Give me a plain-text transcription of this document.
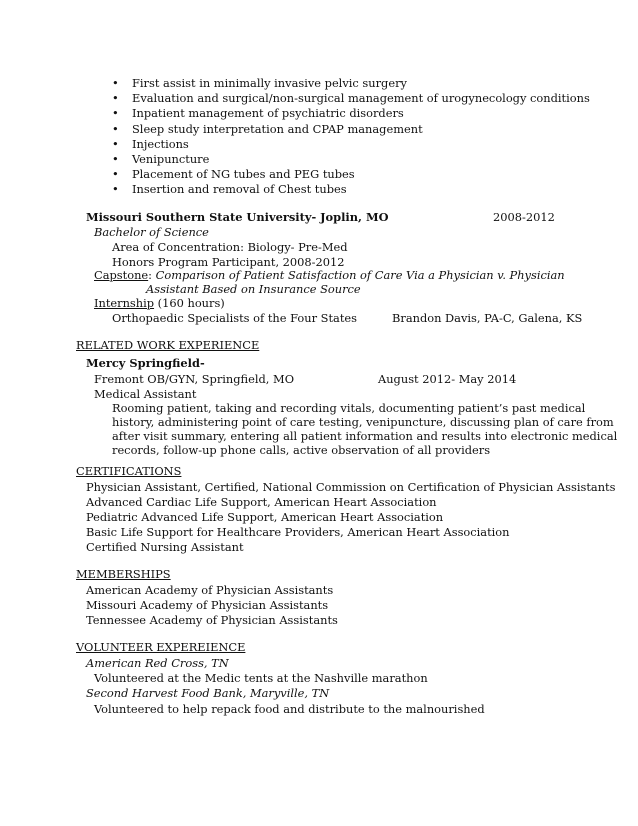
• First assist in minimally invasive pelvic surgery
• Evaluation and surgical/non-surgical management of urogynecology conditions
• Inpatient management of psychiatric disorders
• Sleep study interpretation and CPAP management
• Injections
• Venipuncture
• Placement of NG tubes and PEG tubes
• Insertion and removal of Chest tubes
Missouri Southern State University- Joplin, MO	2008-2012
Bachelor of Science
Area of Concentration: Biology- Pre-Med
Honors Program Participant, 2008-2012
Capstone: Comparison of Patient Satisfaction of Care Via a Physician v. Physician
Assistant Based on Insurance Source
Internship (160 hours)
Orthopaedic Specialists of the Four States	Brandon Davis, PA-C, Galena, KS
RELATED WORK EXPERIENCE
Mercy Springfield-
Fremont OB/GYN, Springfield, MO	August 2012- May 2014
Medical Assistant
Rooming patient, taking and recording vitals, documenting patient’s past medical
history, administering point of care testing, venipuncture, discussing plan of care from
after visit summary, entering all patient information and results into electronic medical
records, follow-up phone calls, active observation of all providers
CERTIFICATIONS
Physician Assistant, Certified, National Commission on Certification of Physician Assistants
Advanced Cardiac Life Support, American Heart Association
Pediatric Advanced Life Support, American Heart Association
Basic Life Support for Healthcare Providers, American Heart Association
Certified Nursing Assistant
MEMBERSHIPS
American Academy of Physician Assistants
Missouri Academy of Physician Assistants
Tennessee Academy of Physician Assistants
VOLUNTEER EXPEREIENCE
American Red Cross, TN
Volunteered at the Medic tents at the Nashville marathon
Second Harvest Food Bank, Maryville, TN
Volunteered to help repack food and distribute to the malnourished
